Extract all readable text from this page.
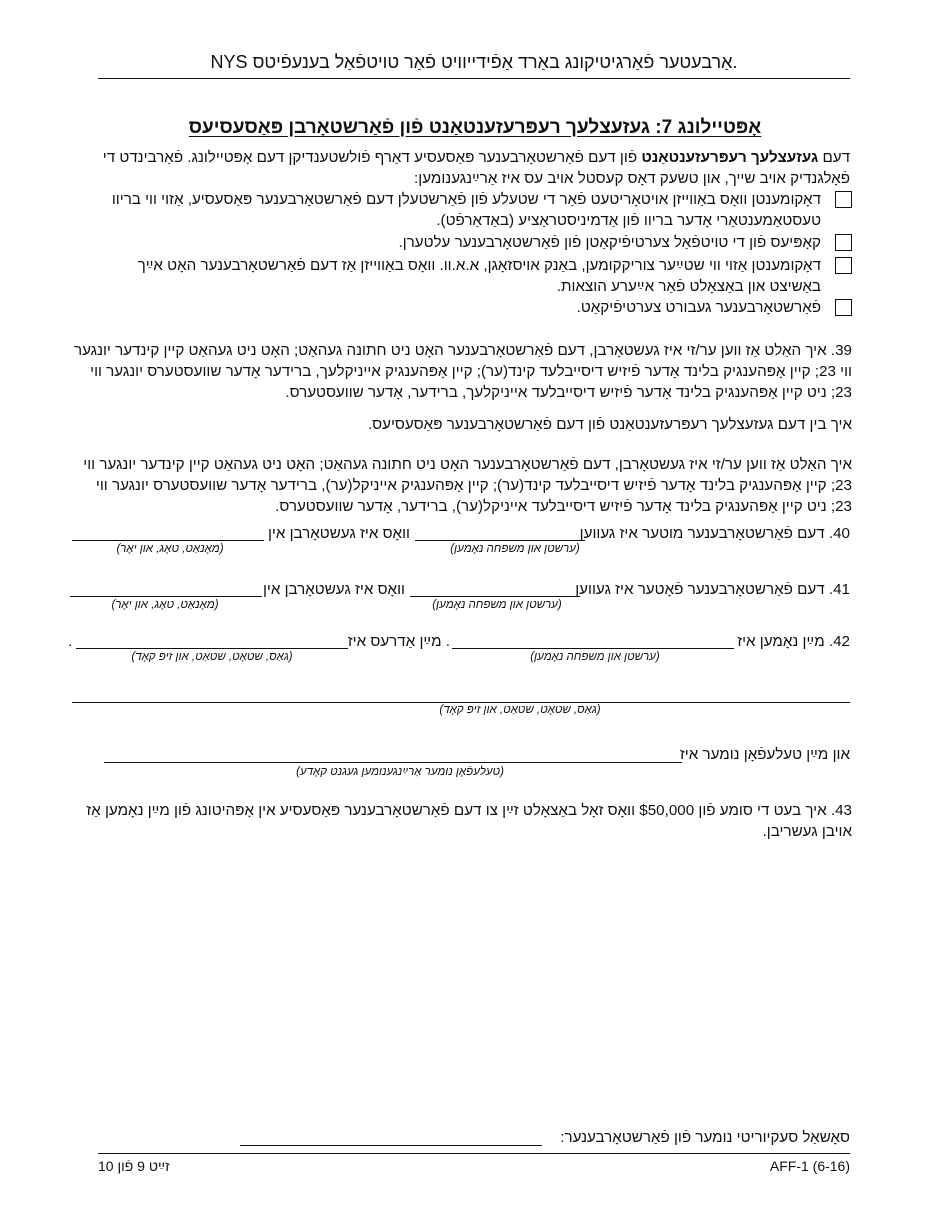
NYS אַרבעטער פֿאַרגיטיקונג באַרד אַפֿידייוויט פֿאַר טויטפֿאַל בענעפֿיטס.
אָפּטיילונג 7: געזעצלעך רעפּרעזענטאַנט פֿון פֿאַרשטאָרבן פּאַסעסיעס
דעם געזעצלעך רעפּרעזענטאַנט פֿון דעם פֿאַרשטאָרבענער פּאַסעסיע דאַרף פֿולשטענדיקן דעם אָפּטיילונג. פֿאַרבינדט די פֿאָלגנדיק אויב שייך, און טשעק דאָס קעסטל אויב עס איז אַרײַנגענומען:
דאָקומענטן וואָס באַווייזן אויטאָריטעט פֿאַר די שטעלע פֿון פֿאַרשטעלן דעם פֿאַרשטאָרבענער פּאַסעסיע, אַזוי ווי בריוו טעסטאַמענטאַרי אָדער בריוו פֿון אַדמיניסטראַציע (באַדאַרפֿט).
קאָפּיעס פֿון די טויטפֿאַל צערטיפֿיקאַטן פֿון פֿאַרשטאָרבענער עלטערן.
דאָקומענטן אַזוי ווי שטײַער צוריקקומען, באַנק אויסזאָגן, א.א.וו. וואָס באַווייזן אַז דעם פֿאַרשטאָרבענער האָט אײַך באַשיצט און באַצאָלט פֿאַר אײַערע הוצאות.
פֿאַרשטאָרבענער געבורט צערטיפֿיקאַט.
39. איך האַלט אַז ווען ער/זי איז געשטאָרבן, דעם פֿאַרשטאָרבענער האָט ניט חתונה געהאַט; האָט ניט געהאַט קיין קינדער יונגער ווי 23; קיין אָפּהענגיק בלינד אָדער פֿיזיש דיסייבלעד קינד(ער); קיין אָפּהענגיק אייניקלעך, ברידער אָדער שוועסטערס יונגער ווי 23; ניט קיין אָפּהענגיק בלינד אָדער פֿיזיש דיסייבלעד אייניקלעך, ברידער, אָדער שוועסטערס.
איך בין דעם געזעצלעך רעפּרעזענטאַנט פֿון דעם פֿאַרשטאָרבענער פּאַסעסיעס.
איך האַלט אַז ווען ער/זי איז געשטאָרבן, דעם פֿאַרשטאָרבענער האָט ניט חתונה געהאַט; האָט ניט געהאַט קיין קינדער יונגער ווי 23; קיין אָפּהענגיק בלינד אָדער פֿיזיש דיסייבלעד קינד(ער); קיין אָפּהענגיק אייניקל(ער), ברידער אָדער שוועסטערס יונגער ווי 23; ניט קיין אָפּהענגיק בלינד אָדער פֿיזיש דיסייבלעד אייניקל(ער), ברידער, אָדער שוועסטערס.
40. דעם פֿאַרשטאָרבענער מוטער איז געווען
וואָס איז געשטאָרבן אין
(ערשטן און משפחה נאָמען)
(מאָנאַט, טאָג, און יאָר)
41. דעם פֿאַרשטאָרבענער פֿאָטער איז געווען
וואָס איז געשטאָרבן אין
(ערשטן און משפחה נאָמען)
(מאָנאַט, טאָג, און יאָר)
42. מײַן נאָמען איז
. מײַן אַדרעס איז
.
(ערשטן און משפחה נאָמען)
(גאַס, שטאָט, שטאַט, און זיפּ קאָד)
(גאַס, שטאָט, שטאַט, און זיפּ קאָד)
און מײַן טעלעפֿאָן נומער איז
(טעלעפֿאָן נומער אַרײַנגענומען געגנט קאָדע)
43. איך בעט די סומע פֿון $50,000 וואָס זאָל באַצאָלט זײַן צו דעם פֿאַרשטאָרבענער פּאַסעסיע אין אָפּהיטונג פֿון מײַן נאָמען אַז אויבן געשריבן.
סאָשאַל סעקיוריטי נומער פֿון פֿאַרשטאָרבענער:
זײַט 9 פֿון 10	AFF-1 (6-16)
